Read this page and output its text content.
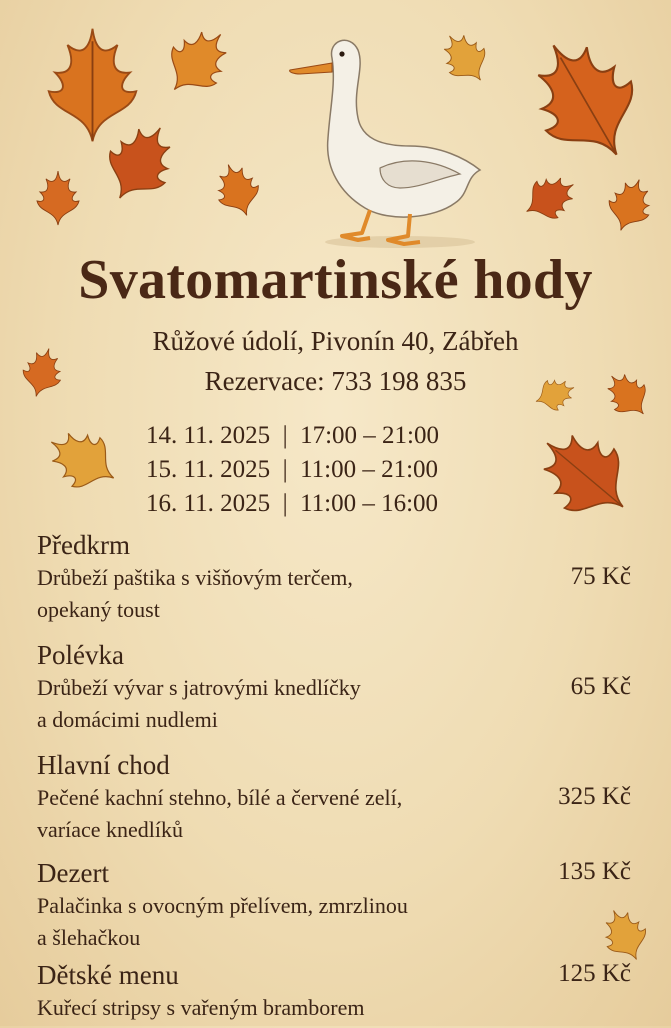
Svatomartinské hody
Růžové údolí, Pivonín 40, Zábřeh
Rezervace: 733 198 835
14. 11. 2025 | 17:00 – 21:00
15. 11. 2025 | 11:00 – 21:00
16. 11. 2025 | 11:00 – 16:00
Předkrm
Drůbeží paštika s višňovým terčem,
opekaný toust
75 Kč
Polévka
Drůbeží vývar s jatrovými knedlíčky
a domácimi nudlemi
65 Kč
Hlavní chod
Pečené kachní stehno, bílé a červené zelí,
varíace knedlíků
325 Kč
Dezert
Palačinka s ovocným přelívem, zmrzlinou
a šlehačkou
135 Kč
Dětské menu
Kuřecí stripsy s vařeným bramborem
125 Kč
